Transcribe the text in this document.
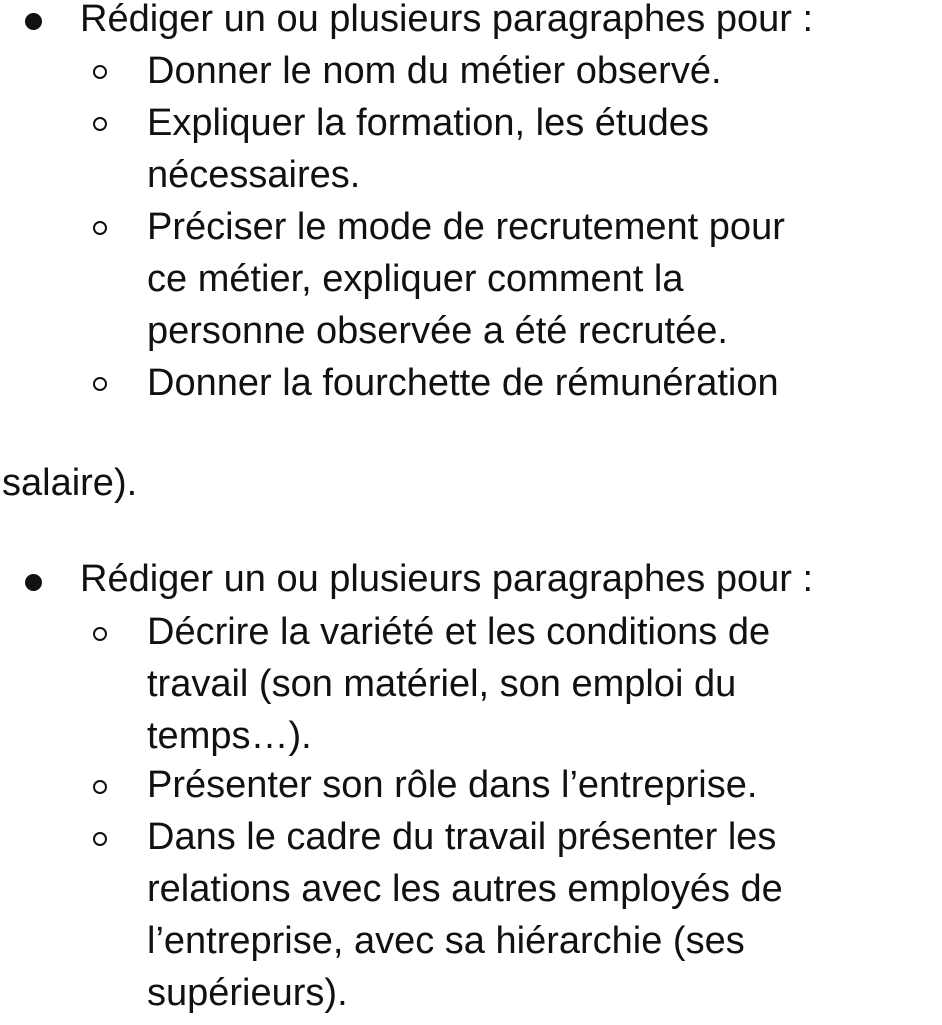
Rédiger un ou plusieurs paragraphes pour :
Donner le nom du métier observé.
Expliquer la formation, les études
nécessaires.
Préciser le mode de recrutement pour
ce métier, expliquer comment la
personne observée a été recrutée.
Donner la fourchette de rémunération
salaire).
Rédiger un ou plusieurs paragraphes pour :
Décrire la variété et les conditions de
travail (son matériel, son emploi du
temps…).
Présenter son rôle dans l’entreprise.
Dans le cadre du travail présenter les
relations avec les autres employés de
l’entreprise, avec sa hiérarchie (ses
supérieurs).
